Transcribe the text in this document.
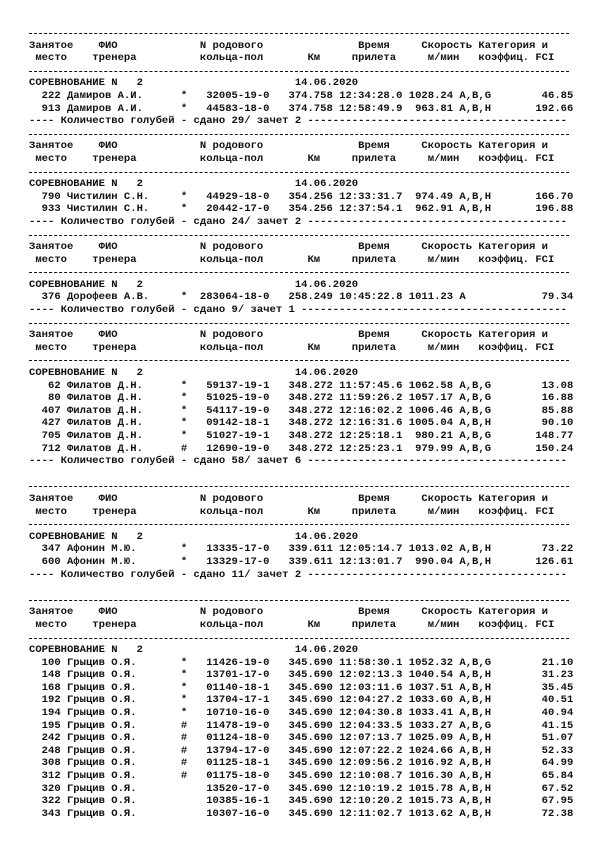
Занятое    ФИО             N родового               Время     Скорость Категория и
место    тренера          кольца-пол       Км     прилета     м/мин   коэффиц. FCI
СОРЕВНОВАНИЕ N   2                        14.06.2020
222 Дамиров А.И.      *   32005-19-0   374.758 12:34:28.0 1028.24 A,B,G        46.85
913 Дамиров А.И.      *   44583-18-0   374.758 12:58:49.9  963.81 A,B,H       192.66
---- Количество голубей - сдано 29/ зачет 2 -----------------------------------------
Занятое    ФИО             N родового               Время     Скорость Категория и
место    тренера          кольца-пол       Км     прилета     м/мин   коэффиц. FCI
СОРЕВНОВАНИЕ N   2                        14.06.2020
790 Чистилин С.Н.     *   44929-18-0   354.256 12:33:31.7  974.49 A,B,H       166.70
933 Чистилин С.Н.     *   20442-17-0   354.256 12:37:54.1  962.91 A,B,H       196.88
---- Количество голубей - сдано 24/ зачет 2 -----------------------------------------
Занятое    ФИО             N родового               Время     Скорость Категория и
место    тренера          кольца-пол       Км     прилета     м/мин   коэффиц. FCI
СОРЕВНОВАНИЕ N   2                        14.06.2020
376 Дорофеев А.В.     *  283064-18-0   258.249 10:45:22.8 1011.23 A            79.34
---- Количество голубей - сдано 9/ зачет 1 ------------------------------------------
Занятое    ФИО             N родового               Время     Скорость Категория и
место    тренера          кольца-пол       Км     прилета     м/мин   коэффиц. FCI
СОРЕВНОВАНИЕ N   2                        14.06.2020
62 Филатов Д.Н.      *   59137-19-1   348.272 11:57:45.6 1062.58 A,B,G        13.08
80 Филатов Д.Н.      *   51025-19-0   348.272 11:59:26.2 1057.17 A,B,G        16.88
407 Филатов Д.Н.      *   54117-19-0   348.272 12:16:02.2 1006.46 A,B,G        85.88
427 Филатов Д.Н.      *   09142-18-1   348.272 12:16:31.6 1005.04 A,B,H        90.10
705 Филатов Д.Н.      *   51027-19-1   348.272 12:25:18.1  980.21 A,B,G       148.77
712 Филатов Д.Н.      #   12690-19-0   348.272 12:25:23.1  979.99 A,B,G       150.24
---- Количество голубей - сдано 58/ зачет 6 -----------------------------------------
Занятое    ФИО             N родового               Время     Скорость Категория и
место    тренера          кольца-пол       Км     прилета     м/мин   коэффиц. FCI
СОРЕВНОВАНИЕ N   2                        14.06.2020
347 Афонин М.Ю.       *   13335-17-0   339.611 12:05:14.7 1013.02 A,B,H        73.22
600 Афонин М.Ю.       *   13329-17-0   339.611 12:13:01.7  990.04 A,B,H       126.61
---- Количество голубей - сдано 11/ зачет 2 -----------------------------------------
Занятое    ФИО             N родового               Время     Скорость Категория и
место    тренера          кольца-пол       Км     прилета     м/мин   коэффиц. FCI
СОРЕВНОВАНИЕ N   2                        14.06.2020
100 Грыцив О.Я.       *   11426-19-0   345.690 11:58:30.1 1052.32 A,B,G        21.10
148 Грыцив О.Я.       *   13701-17-0   345.690 12:02:13.3 1040.54 A,B,H        31.23
168 Грыцив О.Я.       *   01140-18-1   345.690 12:03:11.6 1037.51 A,B,H        35.45
192 Грыцив О.Я.       *   13704-17-1   345.690 12:04:27.2 1033.60 A,B,H        40.51
194 Грыцив О.Я.       *   10710-16-0   345.690 12:04:30.8 1033.41 A,B,H        40.94
195 Грыцив О.Я.       #   11478-19-0   345.690 12:04:33.5 1033.27 A,B,G        41.15
242 Грыцив О.Я.       #   01124-18-0   345.690 12:07:13.7 1025.09 A,B,H        51.07
248 Грыцив О.Я.       #   13794-17-0   345.690 12:07:22.2 1024.66 A,B,H        52.33
308 Грыцив О.Я.       #   01125-18-1   345.690 12:09:56.2 1016.92 A,B,H        64.99
312 Грыцив О.Я.       #   01175-18-0   345.690 12:10:08.7 1016.30 A,B,H        65.84
320 Грыцив О.Я.           13520-17-0   345.690 12:10:19.2 1015.78 A,B,H        67.52
322 Грыцив О.Я.           10385-16-1   345.690 12:10:20.2 1015.73 A,B,H        67.95
343 Грыцив О.Я.           10307-16-0   345.690 12:11:02.7 1013.62 A,B,H        72.38
